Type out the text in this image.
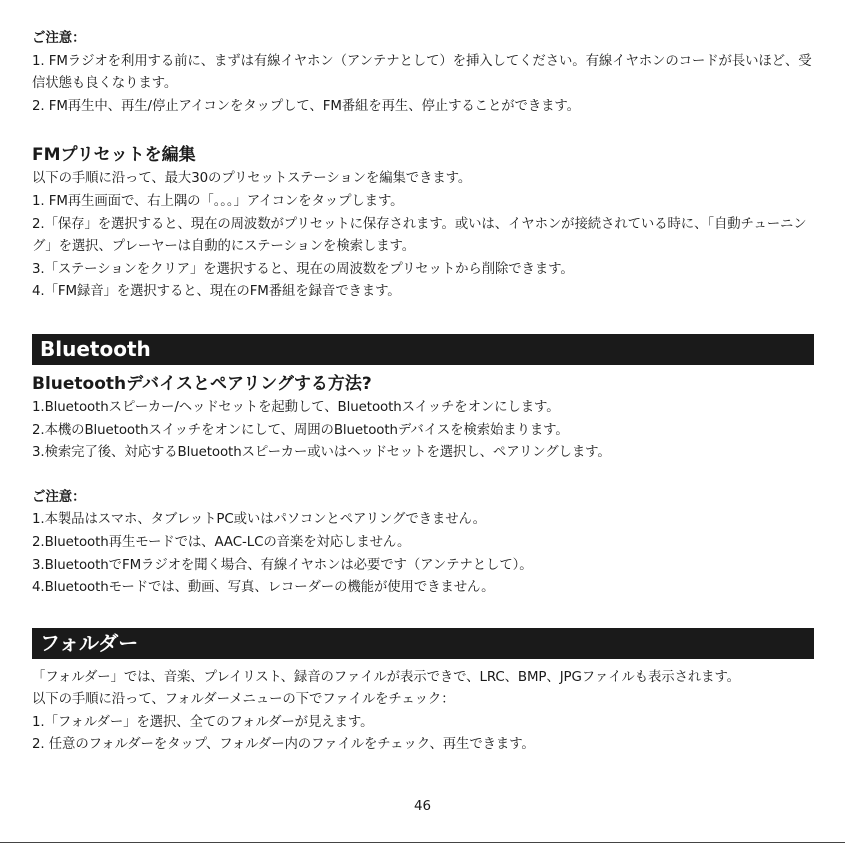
ご注意：

1. FMラジオを利用する前に、まずは有線イヤホン（アンテナとして）を挿入してください。有線イヤホンのコードが長いほど、受信状態も良くなります。

2. FM再生中、再生/停止アイコンをタップして、FM番組を再生、停止することができます。

FMプリセットを編集

以下の手順に沿って、最大30のプリセットステーションを編集できます。

1. FM再生画面で、右上隅の「。。。」アイコンをタップします。

2.「保存」を選択すると、現在の周波数がプリセットに保存されます。或いは、イヤホンが接続されている時に、「自動チューニング」を選択、プレーヤーは自動的にステーションを検索します。

3.「ステーションをクリア」を選択すると、現在の周波数をプリセットから削除できます。

4.「FM録音」を選択すると、現在のFM番組を録音できます。

Bluetooth

Bluetoothデバイスとペアリングする方法?

1.Bluetoothスピーカー/ヘッドセットを起動して、Bluetoothスイッチをオンにします。

2.本機のBluetoothスイッチをオンにして、周囲のBluetoothデバイスを検索始まります。

3.検索完了後、対応するBluetoothスピーカー或いはヘッドセットを選択し、ペアリングします。

ご注意：

1.本製品はスマホ、タブレットPC或いはパソコンとペアリングできません。

2.Bluetooth再生モードでは、AAC-LCの音楽を対応しません。

3.BluetoothでFMラジオを聞く場合、有線イヤホンは必要です（アンテナとして）。

4.Bluetoothモードでは、動画、写真、レコーダーの機能が使用できません。

フォルダー

「フォルダー」では、音楽、プレイリスト、録音のファイルが表示できで、LRC、BMP、JPGファイルも表示されます。

以下の手順に沿って、フォルダーメニューの下でファイルをチェック：

1.「フォルダー」を選択、全てのフォルダーが見えます。

2. 任意のフォルダーをタップ、フォルダー内のファイルをチェック、再生できます。

46
